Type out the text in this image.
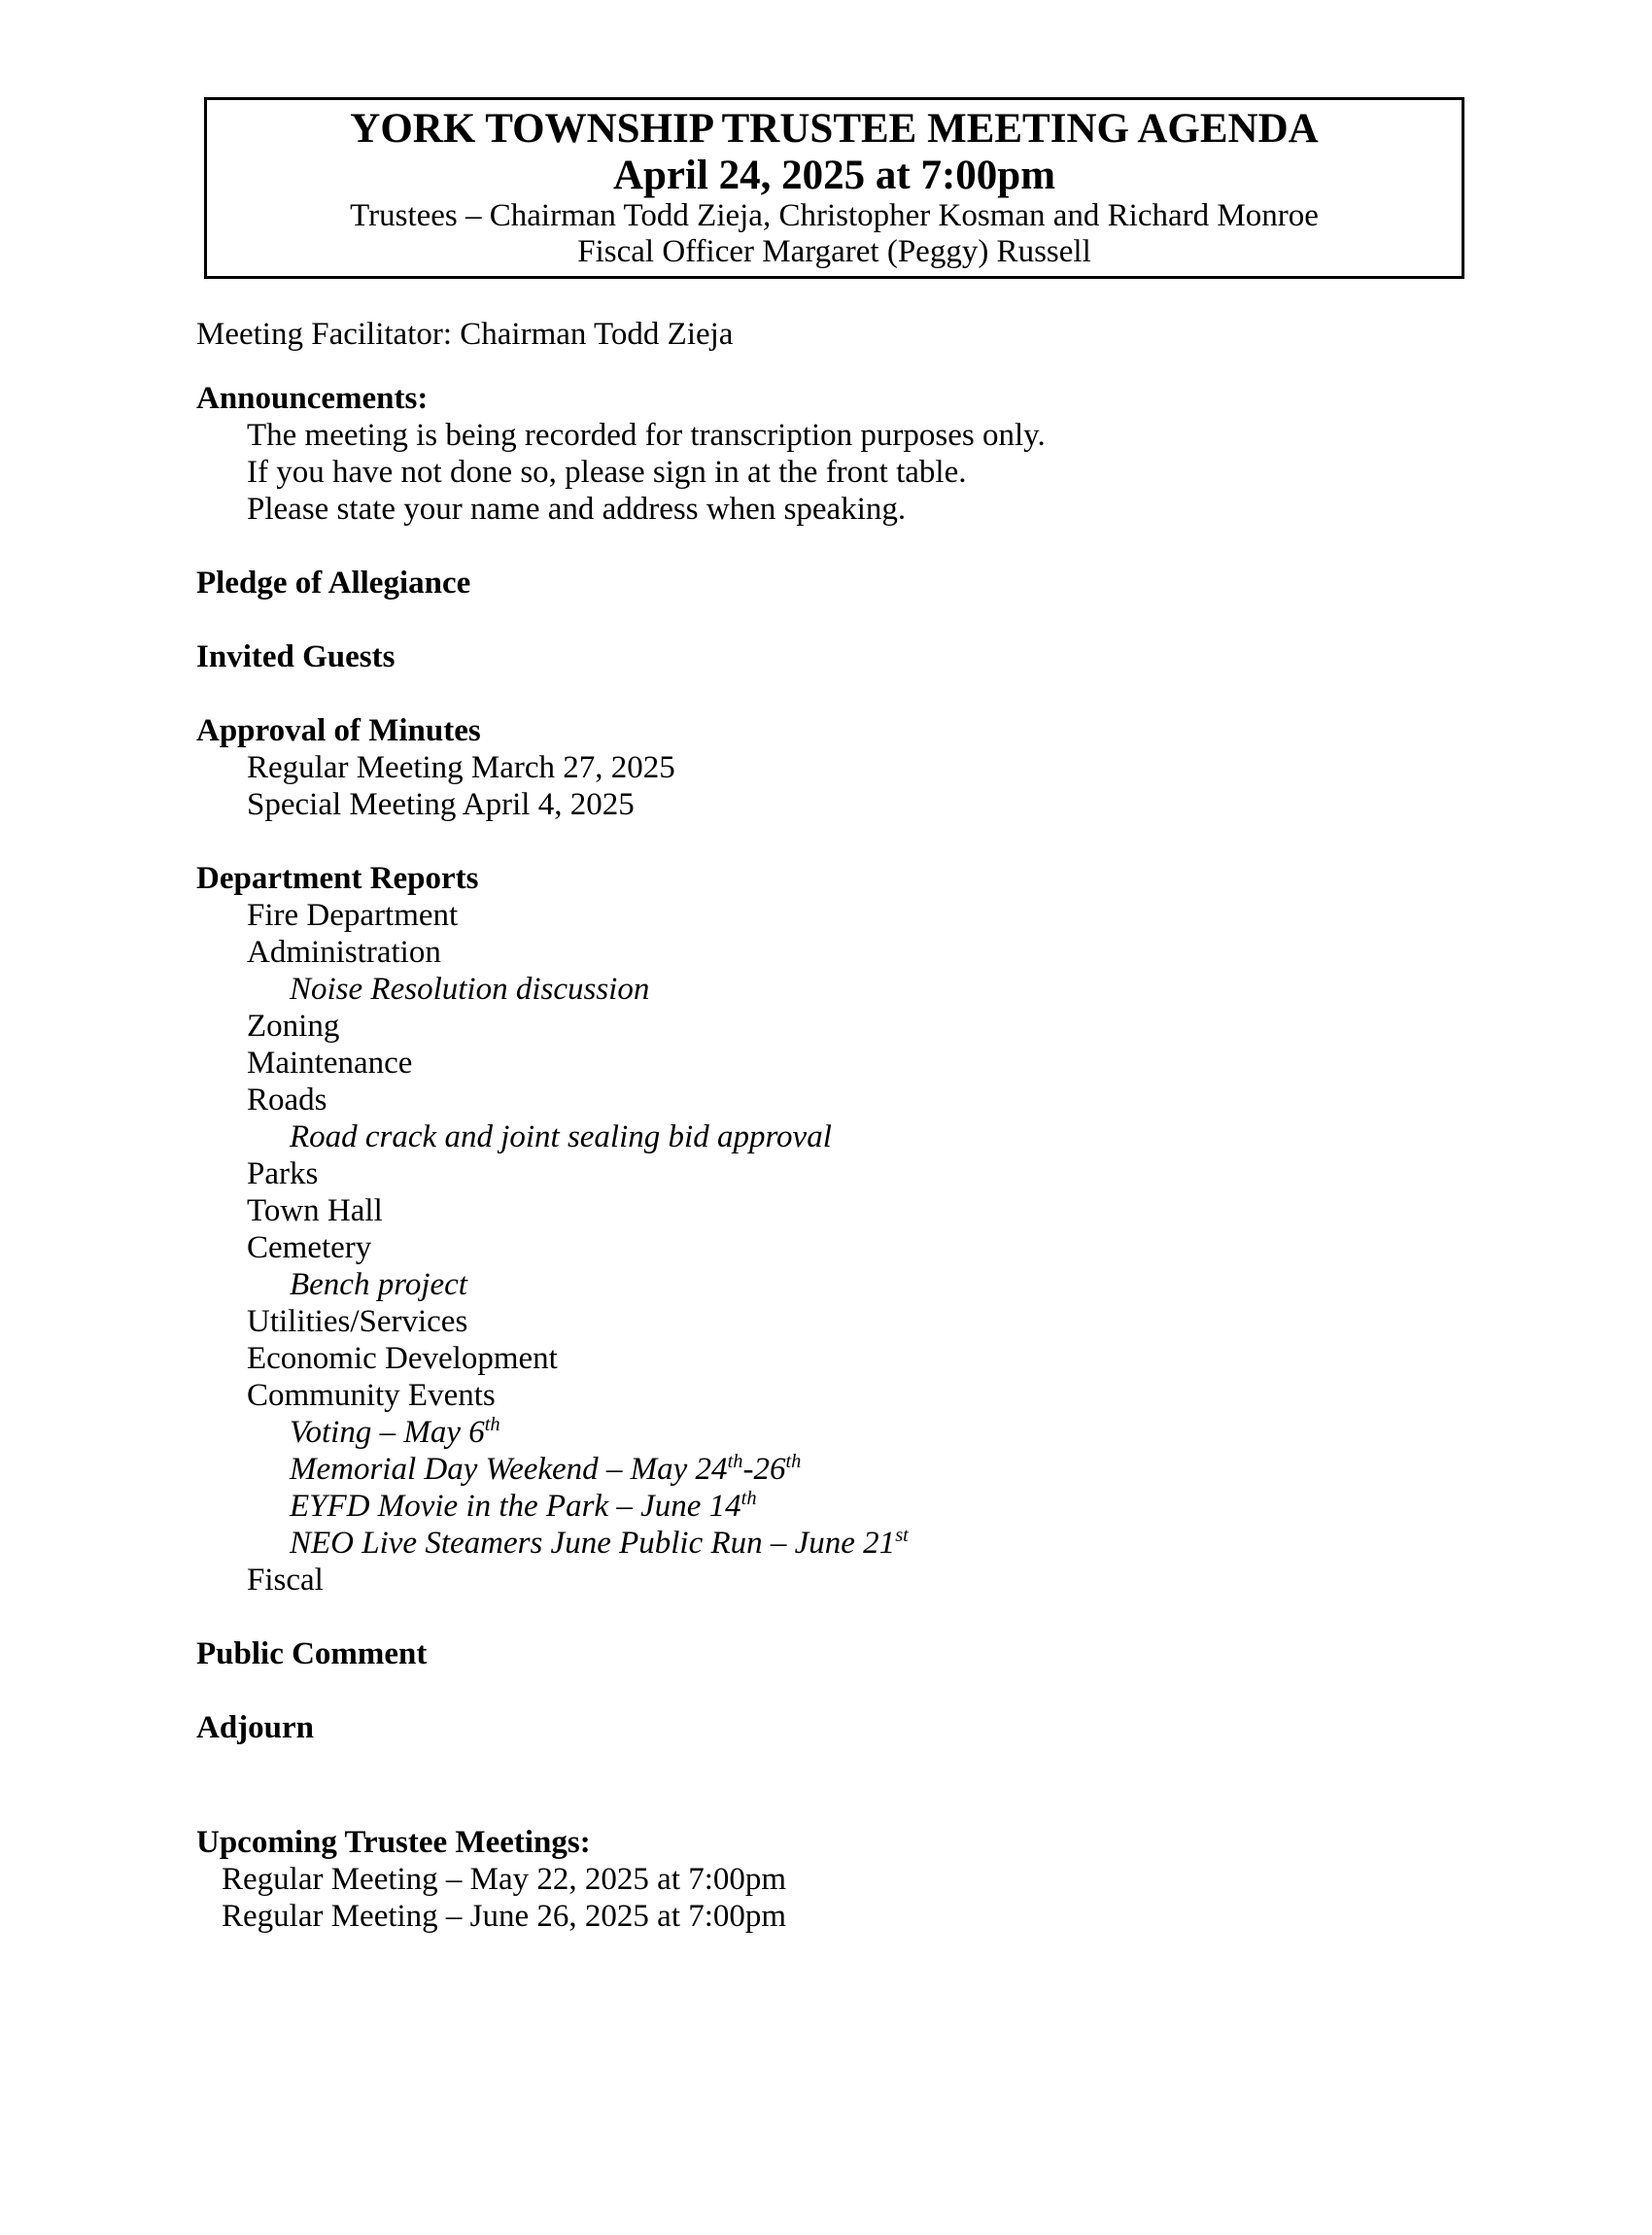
YORK TOWNSHIP TRUSTEE MEETING AGENDA
April 24, 2025 at 7:00pm
Trustees – Chairman Todd Zieja, Christopher Kosman and Richard Monroe
Fiscal Officer Margaret (Peggy) Russell
Meeting Facilitator: Chairman Todd Zieja
Announcements:
The meeting is being recorded for transcription purposes only.
If you have not done so, please sign in at the front table.
Please state your name and address when speaking.
Pledge of Allegiance
Invited Guests
Approval of Minutes
Regular Meeting March 27, 2025
Special Meeting April 4, 2025
Department Reports
Fire Department
Administration
Noise Resolution discussion
Zoning
Maintenance
Roads
Road crack and joint sealing bid approval
Parks
Town Hall
Cemetery
Bench project
Utilities/Services
Economic Development
Community Events
Voting – May 6th
Memorial Day Weekend – May 24th-26th
EYFD Movie in the Park – June 14th
NEO Live Steamers June Public Run – June 21st
Fiscal
Public Comment
Adjourn
Upcoming Trustee Meetings:
Regular Meeting – May 22, 2025 at 7:00pm
Regular Meeting – June 26, 2025 at 7:00pm
